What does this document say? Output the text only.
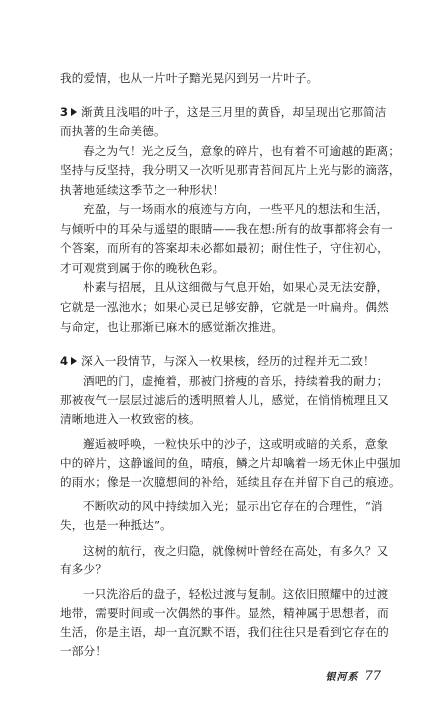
我的爱情，也从一片叶子黯光晃闪到另一片叶子。
3 渐黄且浅唱的叶子，这是三月里的黄昏，却呈现出它那简洁
而执著的生命美德。
春之为气！光之反刍，意象的碎片，也有着不可逾越的距离；
坚持与反坚持，我分明又一次听见那青苔间瓦片上光与影的滴落，
执著地延续这季节之一种形状！
充盈，与一场雨水的痕迹与方向，一些平凡的想法和生活，
与倾听中的耳朵与遥望的眼睛——我在想:所有的故事都将会有一
个答案，而所有的答案却未必都如最初；耐住性子，守住初心，
才可观赏到属于你的晚秋色彩。
朴素与招展，且从这细微与气息开始，如果心灵无法安静，
它就是一泓池水；如果心灵已足够安静，它就是一叶扁舟。偶然
与命定，也让那渐已麻木的感觉渐次推进。
4 深入一段情节，与深入一枚果核，经历的过程并无二致！
酒吧的门，虚掩着，那被门挤瘦的音乐，持续着我的耐力；
那被夜气一层层过滤后的透明照着人儿，感觉，在悄悄梳理且又
清晰地进入一枚致密的核。
邂逅被呼唤，一粒快乐中的沙子，这或明或暗的关系，意象
中的碎片，这静谧间的鱼，晴痕，鳞之片却噙着一场无休止中强加
的雨水；像是一次臆想间的补给，延续且存在并留下自己的痕迹。
不断吹动的风中持续加入光；显示出它存在的合理性，“消
失，也是一种抵达”。
这树的航行，夜之归隐，就像树叶曾经在高处，有多久？又
有多少？
一只洗浴后的盘子，轻松过渡与复制。这依旧照耀中的过渡
地带，需要时间或一次偶然的事件。显然，精神属于思想者，而
生活，你是主语，却一直沉默不语，我们往往只是看到它存在的
一部分！
银河系 77
